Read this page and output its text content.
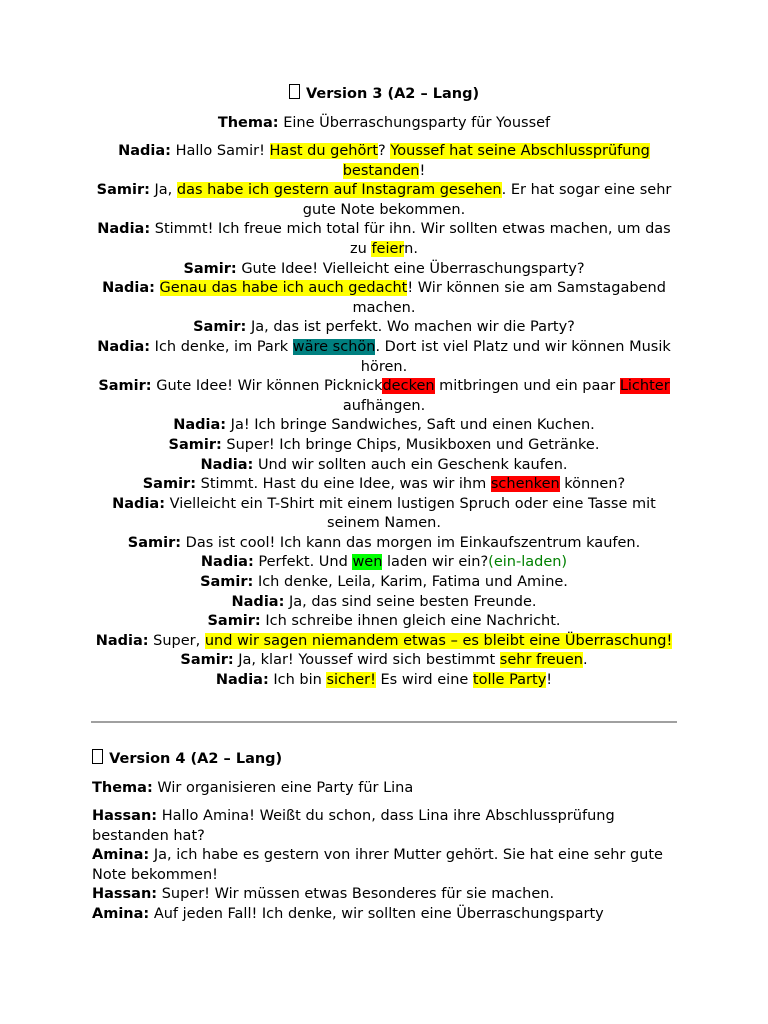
Version 3 (A2 – Lang)

Thema: Eine Überraschungsparty für Youssef

Nadia: Hallo Samir! Hast du gehört? Youssef hat seine Abschlussprüfung bestanden!

Samir: Ja, das habe ich gestern auf Instagram gesehen. Er hat sogar eine sehr gute Note bekommen.

Nadia: Stimmt! Ich freue mich total für ihn. Wir sollten etwas machen, um das zu feiern.

Samir: Gute Idee! Vielleicht eine Überraschungsparty?

Nadia: Genau das habe ich auch gedacht! Wir können sie am Samstagabend machen.

Samir: Ja, das ist perfekt. Wo machen wir die Party?

Nadia: Ich denke, im Park wäre schön. Dort ist viel Platz und wir können Musik hören.

Samir: Gute Idee! Wir können Picknickdecken mitbringen und ein paar Lichter aufhängen.

Nadia: Ja! Ich bringe Sandwiches, Saft und einen Kuchen.

Samir: Super! Ich bringe Chips, Musikboxen und Getränke.

Nadia: Und wir sollten auch ein Geschenk kaufen.

Samir: Stimmt. Hast du eine Idee, was wir ihm schenken können?

Nadia: Vielleicht ein T-Shirt mit einem lustigen Spruch oder eine Tasse mit seinem Namen.

Samir: Das ist cool! Ich kann das morgen im Einkaufszentrum kaufen.

Nadia: Perfekt. Und wen laden wir ein?(ein-laden)

Samir: Ich denke, Leila, Karim, Fatima und Amine.

Nadia: Ja, das sind seine besten Freunde.

Samir: Ich schreibe ihnen gleich eine Nachricht.

Nadia: Super, und wir sagen niemandem etwas – es bleibt eine Überraschung!

Samir: Ja, klar! Youssef wird sich bestimmt sehr freuen.

Nadia: Ich bin sicher! Es wird eine tolle Party!

Version 4 (A2 – Lang)

Thema: Wir organisieren eine Party für Lina

Hassan: Hallo Amina! Weißt du schon, dass Lina ihre Abschlussprüfung bestanden hat?

Amina: Ja, ich habe es gestern von ihrer Mutter gehört. Sie hat eine sehr gute Note bekommen!

Hassan: Super! Wir müssen etwas Besonderes für sie machen.

Amina: Auf jeden Fall! Ich denke, wir sollten eine Überraschungsparty
